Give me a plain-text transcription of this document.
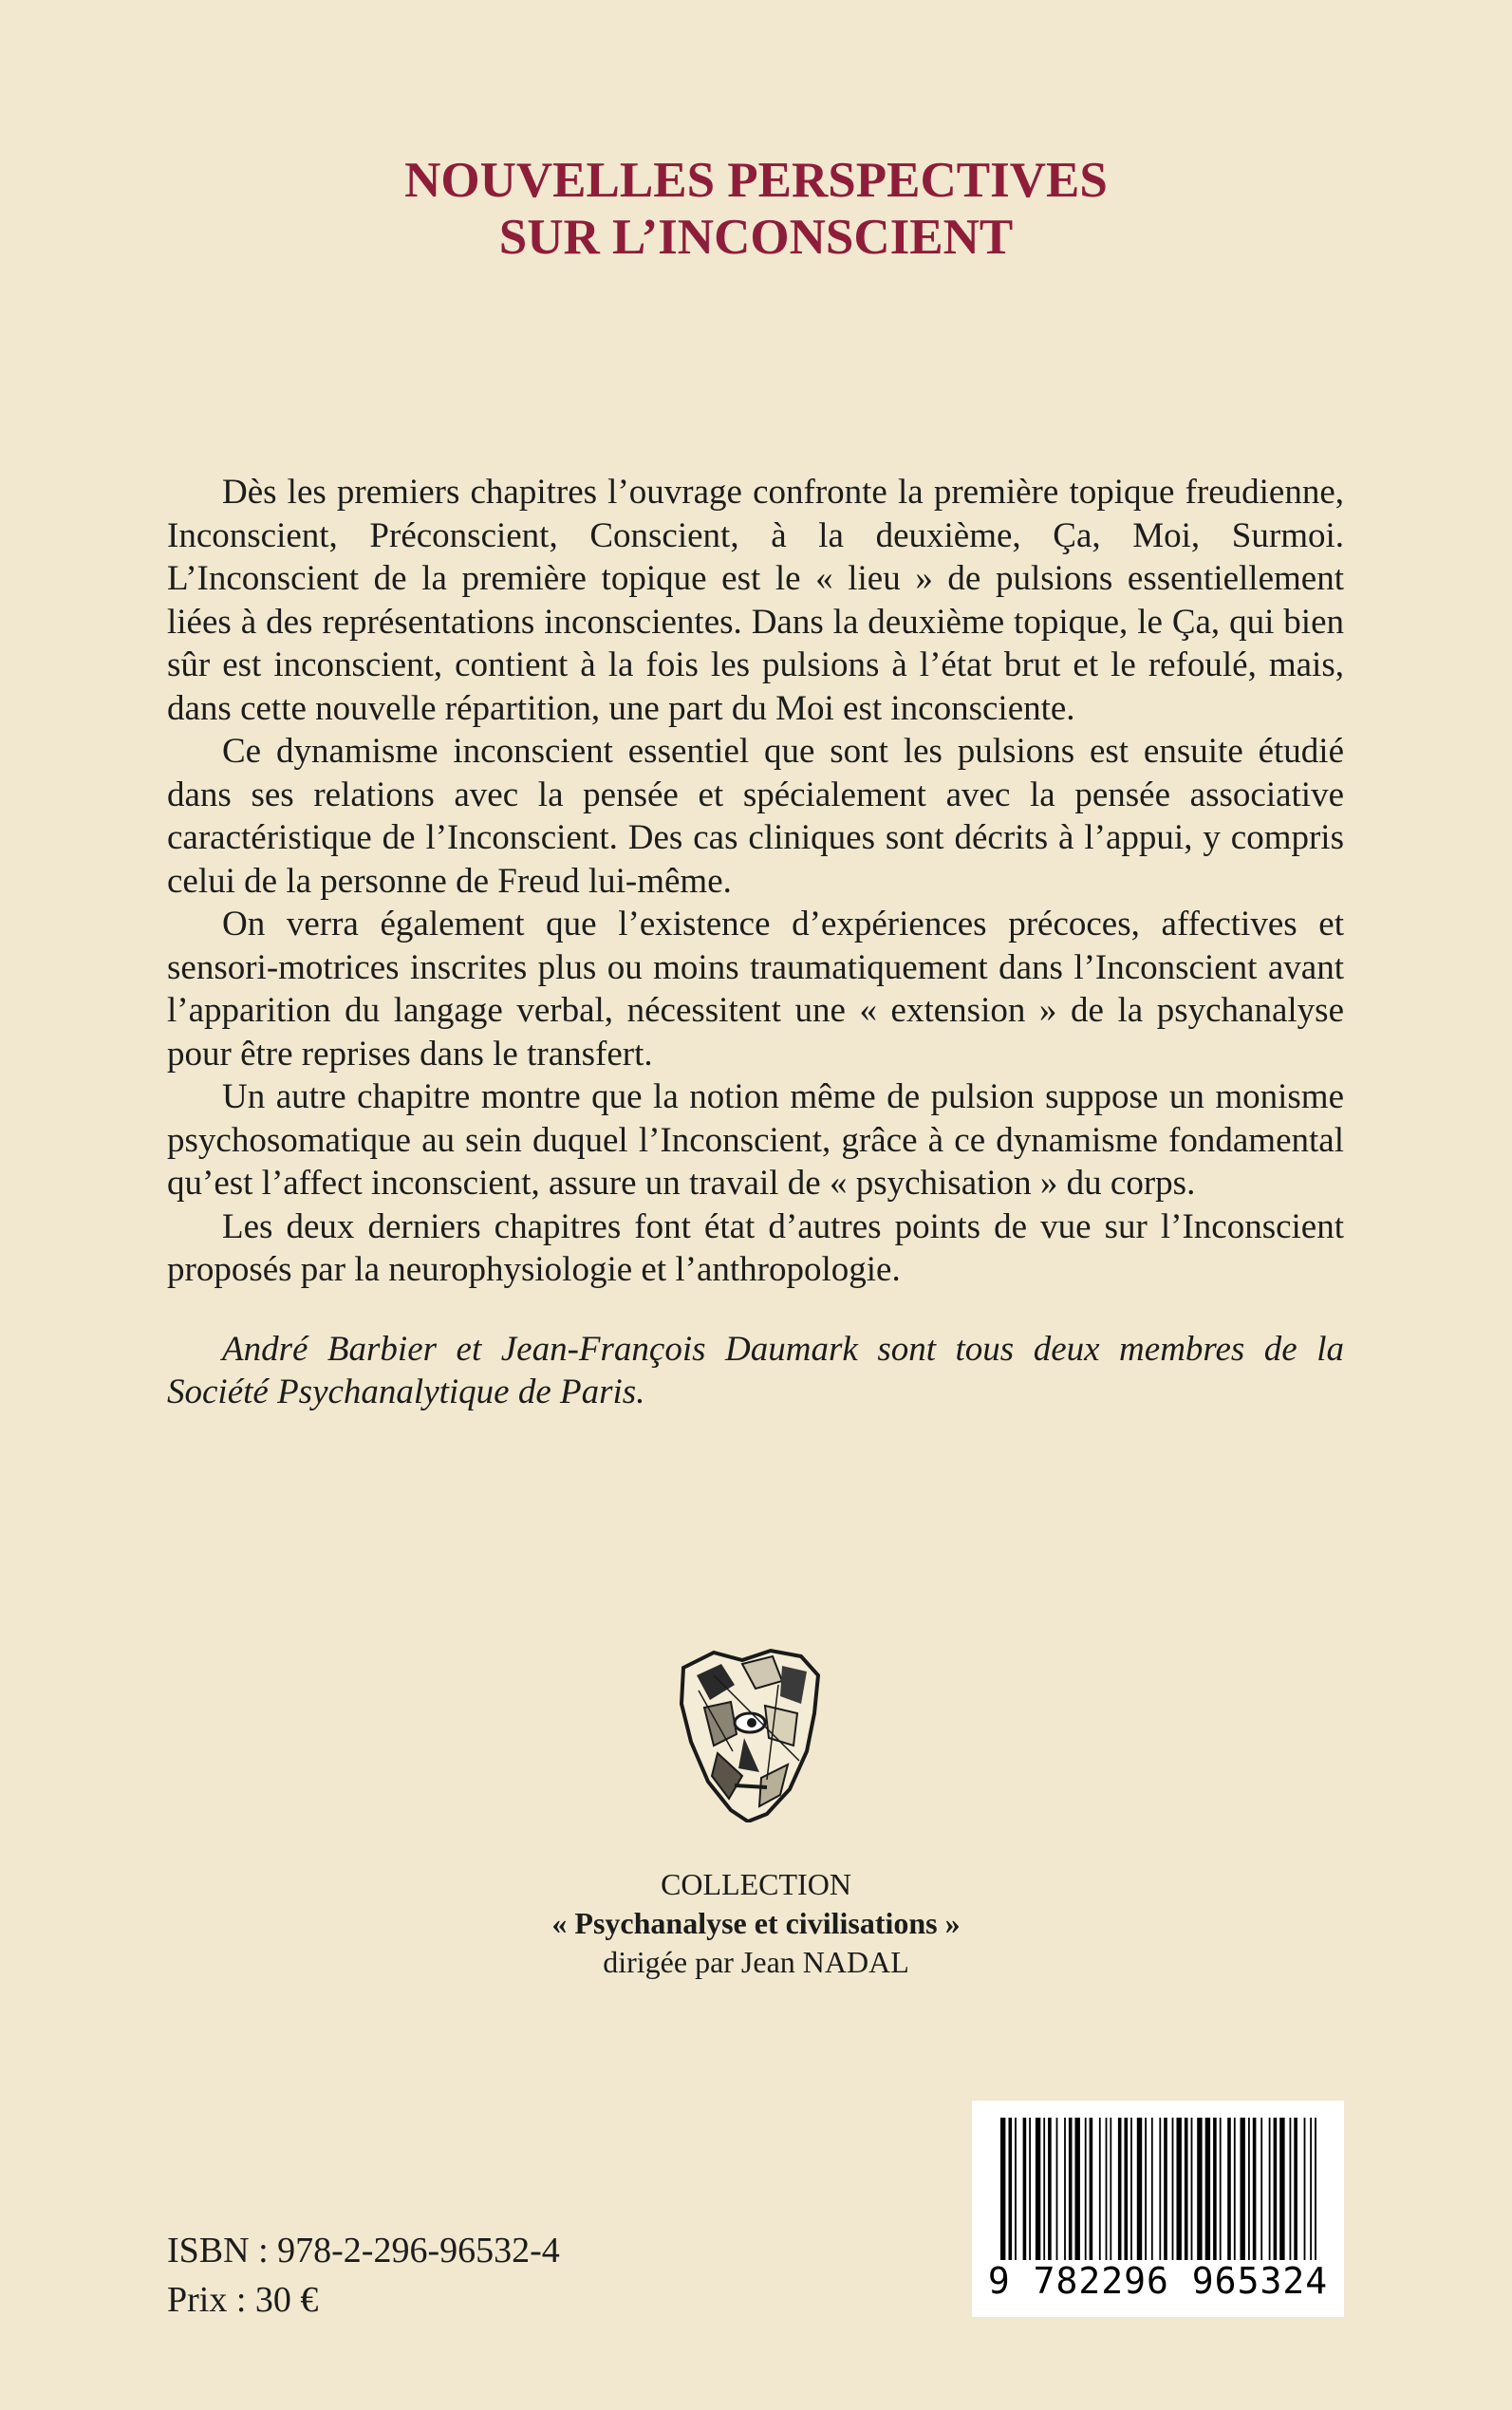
NOUVELLES PERSPECTIVES
SUR L’INCONSCIENT

Dès les premiers chapitres l’ouvrage confronte la première topique freudienne, Inconscient, Préconscient, Conscient, à la deuxième, Ça, Moi, Surmoi. L’Inconscient de la première topique est le « lieu » de pulsions essentiellement liées à des représentations inconscientes. Dans la deuxième topique, le Ça, qui bien sûr est inconscient, contient à la fois les pulsions à l’état brut et le refoulé, mais, dans cette nouvelle répartition, une part du Moi est inconsciente.

Ce dynamisme inconscient essentiel que sont les pulsions est ensuite étudié dans ses relations avec la pensée et spécialement avec la pensée associative caractéristique de l’Inconscient. Des cas cliniques sont décrits à l’appui, y compris celui de la personne de Freud lui-même.

On verra également que l’existence d’expériences précoces, affectives et sensori-motrices inscrites plus ou moins traumatiquement dans l’Inconscient avant l’apparition du langage verbal, nécessitent une « extension » de la psychanalyse pour être reprises dans le transfert.

Un autre chapitre montre que la notion même de pulsion suppose un monisme psychosomatique au sein duquel l’Inconscient, grâce à ce dynamisme fondamental qu’est l’affect inconscient, assure un travail de « psychisation » du corps.

Les deux derniers chapitres font état d’autres points de vue sur l’Inconscient proposés par la neurophysiologie et l’anthropologie.

André Barbier et Jean-François Daumark sont tous deux membres de la Société Psychanalytique de Paris.

COLLECTION
« Psychanalyse et civilisations »
dirigée par Jean NADAL
9 782296 965324
ISBN : 978-2-296-96532-4
Prix : 30 €
